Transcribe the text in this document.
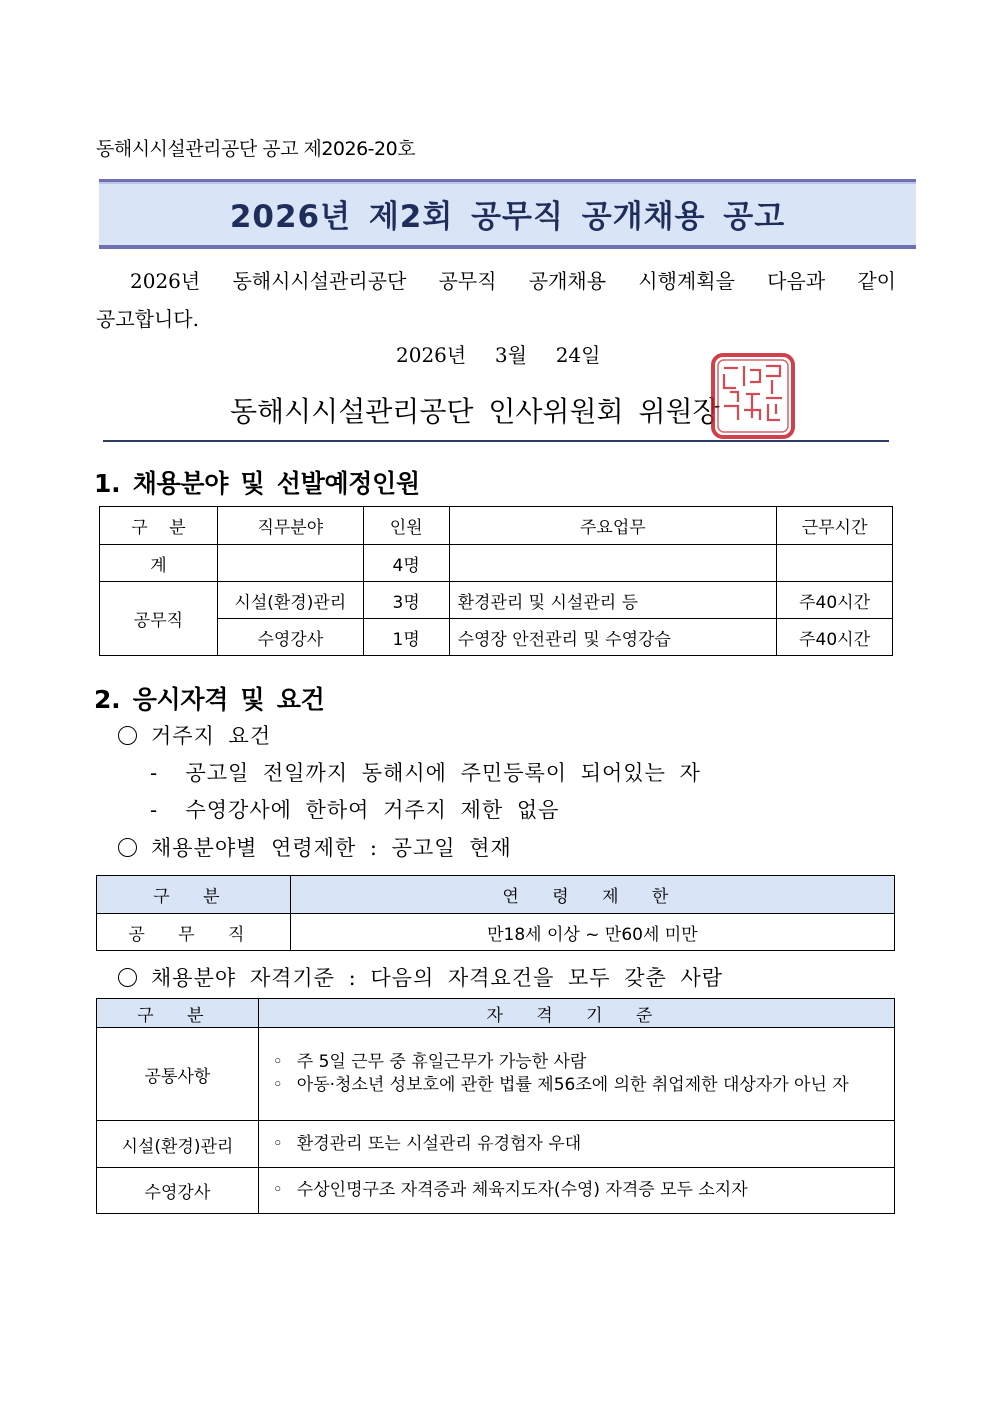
동해시시설관리공단 공고 제2026-20호
2026년 제2회 공무직 공개채용 공고
2026년 동해시시설관리공단 공무직 공개채용 시행계획을 다음과 같이
공고합니다.
2026년  3월  24일
동해시시설관리공단 인사위원회 위원장
1. 채용분야 및 선발예정인원
구    분	직무분야	인원	주요업무	근무시간
계		4명		
공무직	시설(환경)관리	3명	환경관리 및 시설관리 등	주40시간
	수영강사	1명	수영장 안전관리 및 수영강습	주40시간
2. 응시자격 및 요건
거주지 요건
-  공고일 전일까지 동해시에 주민등록이 되어있는 자
-  수영강사에 한하여 거주지 제한 없음
채용분야별 연령제한 : 공고일 현재
구 분	연 령 제 한
공 무 직	만18세 이상 ~ 만60세 미만
채용분야 자격기준 : 다음의 자격요건을 모두 갖춘 사람
구 분	자 격 기 준
공통사항	◦ 주 5일 근무 중 휴일근무가 가능한 사람
◦ 아동·청소년 성보호에 관한 법률 제56조에 의한 취업제한 대상자가 아닌 자

시설(환경)관리	◦ 환경관리 또는 시설관리 유경험자 우대

수영강사	◦ 수상인명구조 자격증과 체육지도자(수영) 자격증 모두 소지자
